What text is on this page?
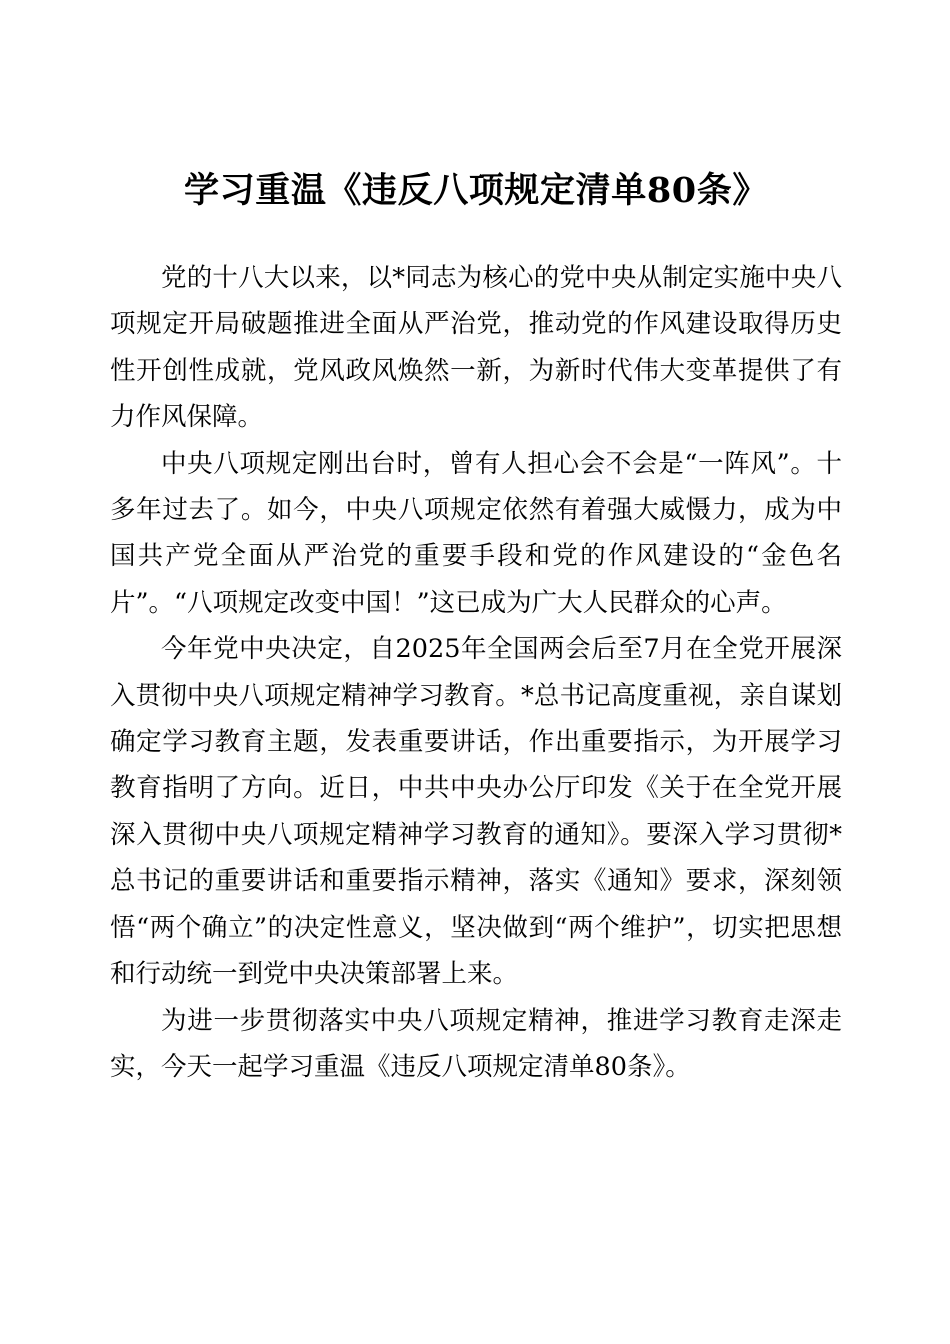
学习重温《违反八项规定清单80条》

党的十八大以来，以*同志为核心的党中央从制定实施中央八项规定开局破题推进全面从严治党，推动党的作风建设取得历史性开创性成就，党风政风焕然一新，为新时代伟大变革提供了有力作风保障。

中央八项规定刚出台时，曾有人担心会不会是“一阵风”。十多年过去了。如今，中央八项规定依然有着强大威慑力，成为中国共产党全面从严治党的重要手段和党的作风建设的“金色名片”。“八项规定改变中国！”这已成为广大人民群众的心声。

今年党中央决定，自2025年全国两会后至7月在全党开展深入贯彻中央八项规定精神学习教育。*总书记高度重视，亲自谋划确定学习教育主题，发表重要讲话，作出重要指示，为开展学习教育指明了方向。近日，中共中央办公厅印发《关于在全党开展深入贯彻中央八项规定精神学习教育的通知》。要深入学习贯彻*总书记的重要讲话和重要指示精神，落实《通知》要求，深刻领悟“两个确立”的决定性意义，坚决做到“两个维护”，切实把思想和行动统一到党中央决策部署上来。

为进一步贯彻落实中央八项规定精神，推进学习教育走深走实，今天一起学习重温《违反八项规定清单80条》。
